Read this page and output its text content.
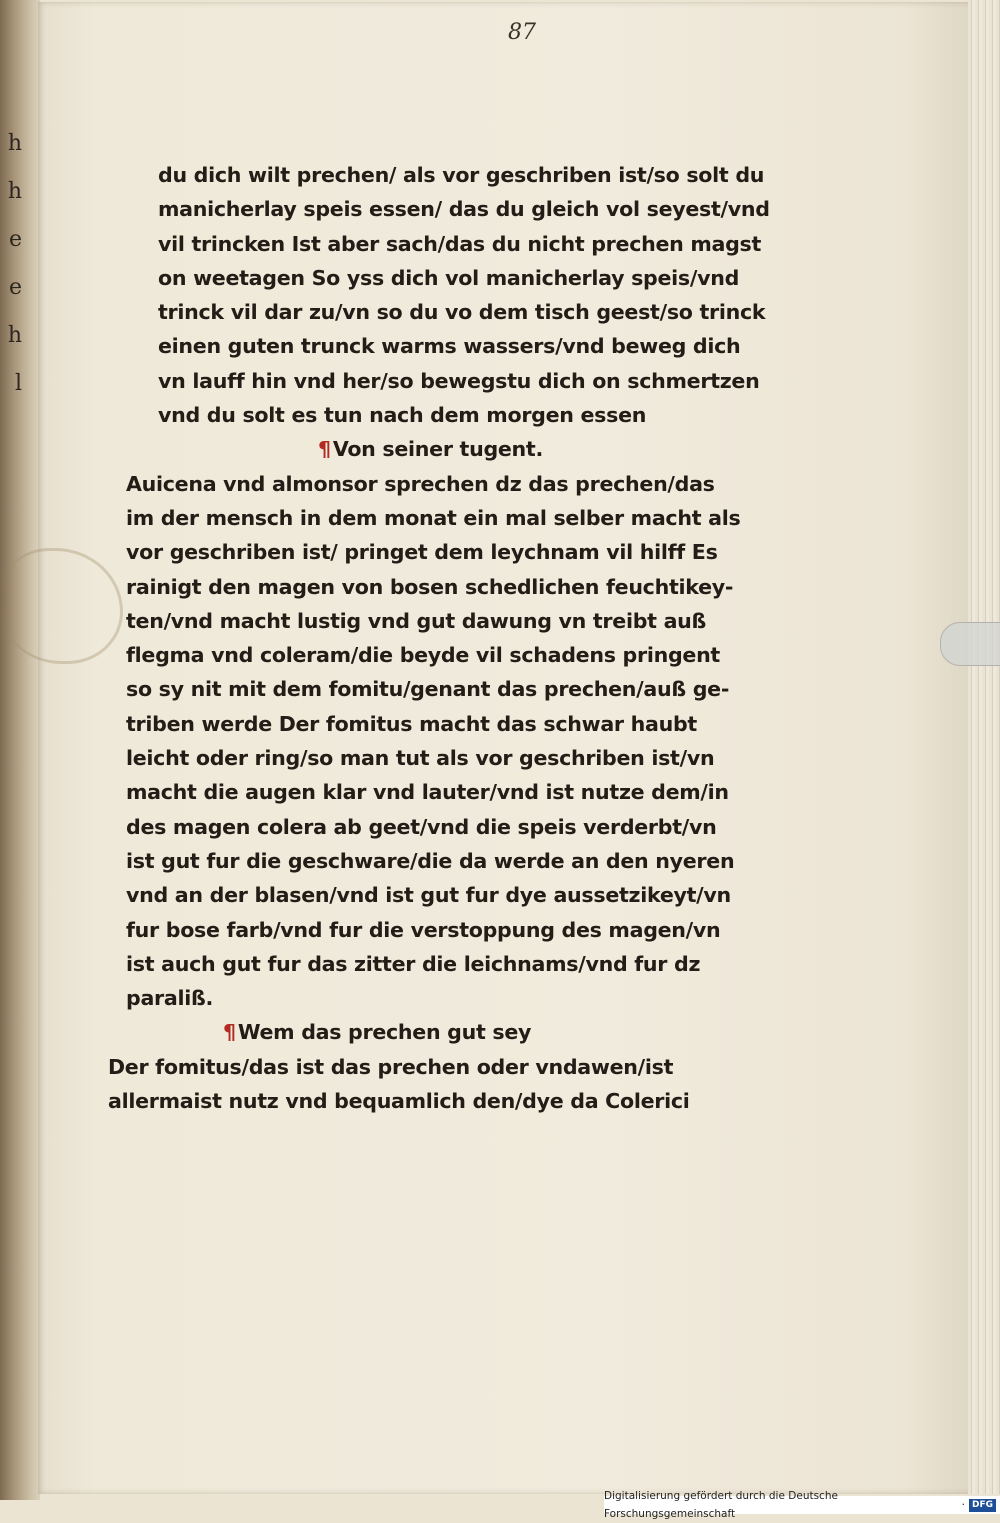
h
h
e
e
h
l
87
du dich wilt prechen/ als vor geschriben ist/so solt du
manicherlay speis essen/ das du gleich vol seyest/vnd
vil trincken Ist aber sach/das du nicht prechen magst
on weetagen So yss dich vol manicherlay speis/vnd
trinck vil dar zu/vn so du vo dem tisch geest/so trinck
einen guten trunck warms wassers/vnd beweg dich
vn lauff hin vnd her/so bewegstu dich on schmertzen
vnd du solt es tun nach dem morgen essen
¶Von seiner tugent.
Auicena vnd almonsor sprechen dz das prechen/das
im der mensch in dem monat ein mal selber macht als
vor geschriben ist/ pringet dem leychnam vil hilff Es
rainigt den magen von bosen schedlichen feuchtikey-
ten/vnd macht lustig vnd gut dawung vn treibt auß
flegma vnd coleram/die beyde vil schadens pringent
so sy nit mit dem fomitu/genant das prechen/auß ge-
triben werde Der fomitus macht das schwar haubt
leicht oder ring/so man tut als vor geschriben ist/vn
macht die augen klar vnd lauter/vnd ist nutze dem/in
des magen colera ab geet/vnd die speis verderbt/vn
ist gut fur die geschware/die da werde an den nyeren
vnd an der blasen/vnd ist gut fur dye aussetzikeyt/vn
fur bose farb/vnd fur die verstoppung des magen/vn
ist auch gut fur das zitter die leichnams/vnd fur dz
paraliß.
¶Wem das prechen gut sey
Der fomitus/das ist das prechen oder vndawen/ist
allermaist nutz vnd bequamlich den/dye da Colerici
Digitalisierung gefördert durch die Deutsche Forschungsgemeinschaft
· DFG
